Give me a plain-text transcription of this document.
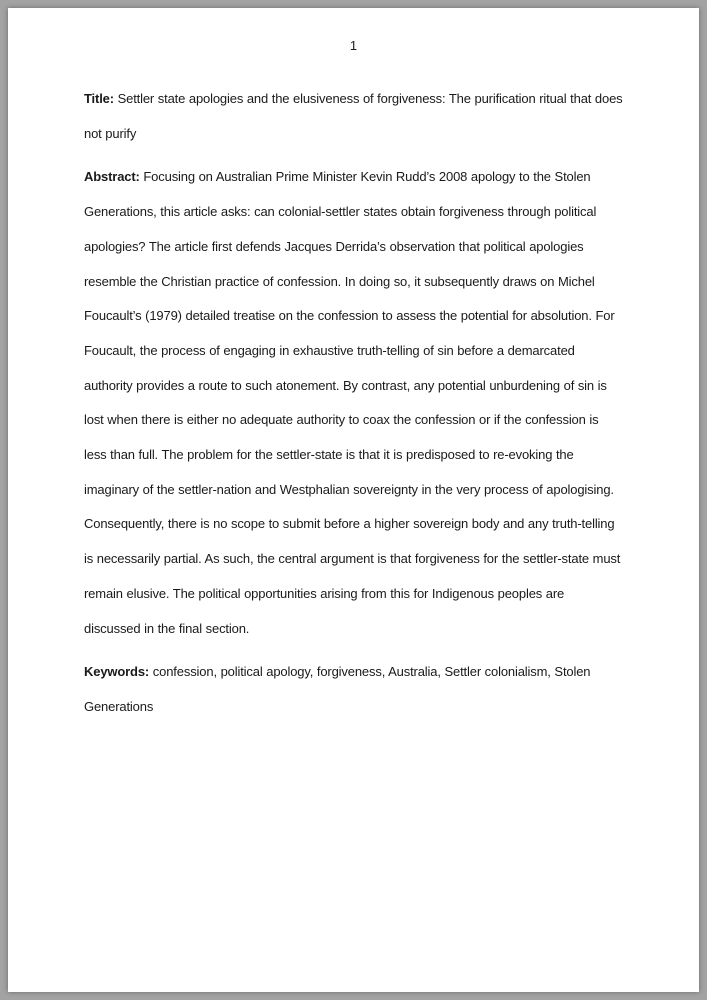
1

Title: Settler state apologies and the elusiveness of forgiveness: The purification ritual that does not purify

Abstract: Focusing on Australian Prime Minister Kevin Rudd’s 2008 apology to the Stolen Generations, this article asks: can colonial-settler states obtain forgiveness through political apologies? The article first defends Jacques Derrida’s observation that political apologies resemble the Christian practice of confession. In doing so, it subsequently draws on Michel Foucault’s (1979) detailed treatise on the confession to assess the potential for absolution. For Foucault, the process of engaging in exhaustive truth-telling of sin before a demarcated authority provides a route to such atonement. By contrast, any potential unburdening of sin is lost when there is either no adequate authority to coax the confession or if the confession is less than full. The problem for the settler-state is that it is predisposed to re-evoking the imaginary of the settler-nation and Westphalian sovereignty in the very process of apologising. Consequently, there is no scope to submit before a higher sovereign body and any truth-telling is necessarily partial. As such, the central argument is that forgiveness for the settler-state must remain elusive. The political opportunities arising from this for Indigenous peoples are discussed in the final section.

Keywords: confession, political apology, forgiveness, Australia, Settler colonialism, Stolen Generations
